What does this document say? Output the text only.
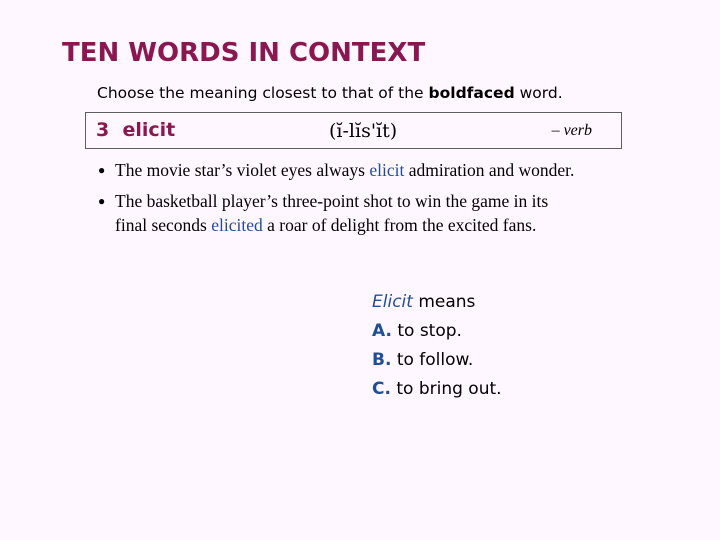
TEN WORDS IN CONTEXT
Choose the meaning closest to that of the boldfaced word.
3 elicit	(ĭ-lĭs'ĭt)	– verb
● The movie star’s violet eyes always elicit admiration and wonder.
● The basketball player’s three-point shot to win the game in its
final seconds elicited a roar of delight from the excited fans.
Elicit means
A. to stop.
B. to follow.
C. to bring out.
